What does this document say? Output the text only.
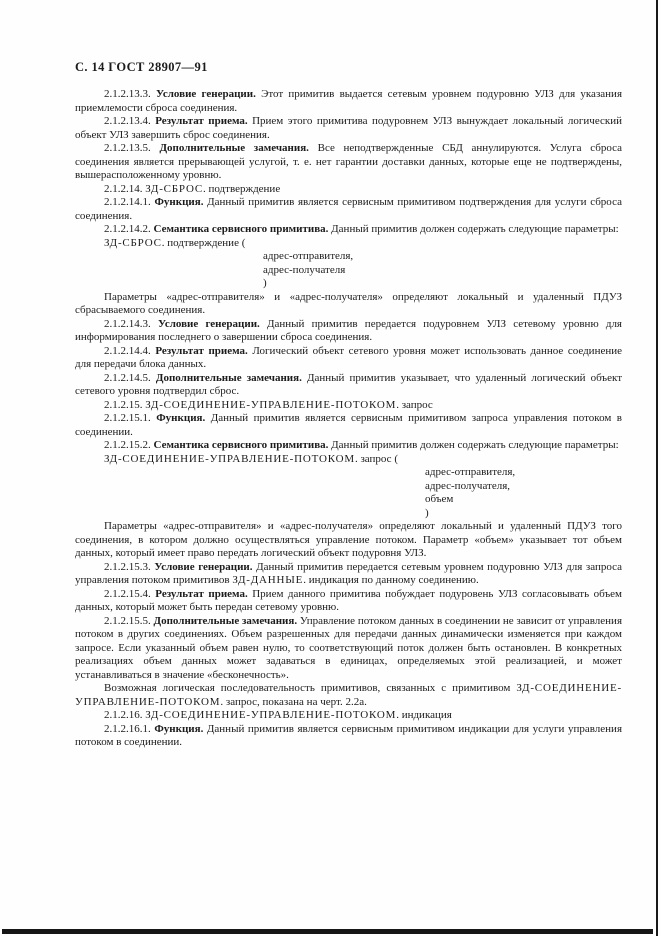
С. 14 ГОСТ 28907—91
2.1.2.13.3. Условие генерации. Этот примитив выдается сетевым уровнем подуровню УЛЗ для указания приемлемости сброса соединения.
2.1.2.13.4. Результат приема. Прием этого примитива подуровнем УЛЗ вынуждает локальный логический объект УЛЗ завершить сброс соединения.
2.1.2.13.5. Дополнительные замечания. Все неподтвержденные СБД аннулируются. Услуга сброса соединения является прерывающей услугой, т. е. нет гарантии доставки данных, которые еще не подтверждены, вышерасположенному уровню.
2.1.2.14. ЗД-СБРОС. подтверждение
2.1.2.14.1. Функция. Данный примитив является сервисным примитивом подтверждения для услуги сброса соединения.
2.1.2.14.2. Семантика сервисного примитива. Данный примитив должен содержать следующие параметры:
ЗД-СБРОС. подтверждение (
адрес-отправителя,
адрес-получателя
)
Параметры «адрес-отправителя» и «адрес-получателя» определяют локальный и удаленный ПДУЗ сбрасываемого соединения.
2.1.2.14.3. Условие генерации. Данный примитив передается подуровнем УЛЗ сетевому уровню для информирования последнего о завершении сброса соединения.
2.1.2.14.4. Результат приема. Логический объект сетевого уровня может использовать данное соединение для передачи блока данных.
2.1.2.14.5. Дополнительные замечания. Данный примитив указывает, что удаленный логический объект сетевого уровня подтвердил сброс.
2.1.2.15. ЗД-СОЕДИНЕНИЕ-УПРАВЛЕНИЕ-ПОТОКОМ. запрос
2.1.2.15.1. Функция. Данный примитив является сервисным примитивом запроса управления потоком в соединении.
2.1.2.15.2. Семантика сервисного примитива. Данный примитив должен содержать следующие параметры:
ЗД-СОЕДИНЕНИЕ-УПРАВЛЕНИЕ-ПОТОКОМ. запрос (
адрес-отправителя,
адрес-получателя,
объем
)
Параметры «адрес-отправителя» и «адрес-получателя» определяют локальный и удаленный ПДУЗ того соединения, в котором должно осуществляться управление потоком. Параметр «объем» указывает тот объем данных, который имеет право передать логический объект подуровня УЛЗ.
2.1.2.15.3. Условие генерации. Данный примитив передается сетевым уровнем подуровню УЛЗ для запроса управления потоком примитивов ЗД-ДАННЫЕ. индикация по данному соединению.
2.1.2.15.4. Результат приема. Прием данного примитива побуждает подуровень УЛЗ согласовывать объем данных, который может быть передан сетевому уровню.
2.1.2.15.5. Дополнительные замечания. Управление потоком данных в соединении не зависит от управления потоком в других соединениях. Объем разрешенных для передачи данных динамически изменяется при каждом запросе. Если указанный объем равен нулю, то соответствующий поток должен быть остановлен. В конкретных реализациях объем данных может задаваться в единицах, определяемых этой реализацией, и может устанавливаться в значение «бесконечность».
Возможная логическая последовательность примитивов, связанных с примитивом ЗД-СОЕДИНЕНИЕ-УПРАВЛЕНИЕ-ПОТОКОМ. запрос, показана на черт. 2.2а.
2.1.2.16. ЗД-СОЕДИНЕНИЕ-УПРАВЛЕНИЕ-ПОТОКОМ. индикация
2.1.2.16.1. Функция. Данный примитив является сервисным примитивом индикации для услуги управления потоком в соединении.
